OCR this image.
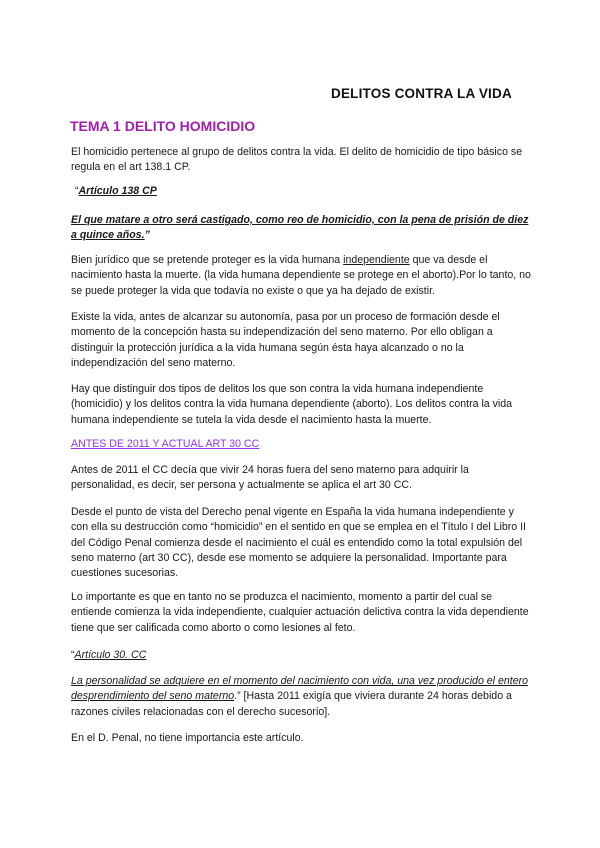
DELITOS CONTRA LA VIDA
TEMA 1 DELITO HOMICIDIO

El homicidio pertenece al grupo de delitos contra la vida. El delito de homicidio de tipo básico se regula en el art 138.1 CP.

“Artículo 138 CP

El que matare a otro será castigado, como reo de homicidio, con la pena de prisión de diez a quince años.”

Bien jurídico que se pretende proteger es la vida humana independiente que va desde el nacimiento hasta la muerte. (la vida humana dependiente se protege en el aborto).Por lo tanto, no se puede proteger la vida que todavía no existe o que ya ha dejado de existir.

Existe la vida, antes de alcanzar su autonomía, pasa por un proceso de formación desde el momento de la concepción hasta su independización del seno materno. Por ello obligan a distinguir la protección jurídica a la vida humana según ésta haya alcanzado o no la independización del seno materno.

Hay que distinguir dos tipos de delitos los que son contra la vida humana independiente (homicidio) y los delitos contra la vida humana dependiente (aborto). Los delitos contra la vida humana independiente se tutela la vida desde el nacimiento hasta la muerte.

ANTES DE 2011 Y ACTUAL ART 30 CC

Antes de 2011 el CC decía que vivir 24 horas fuera del seno materno para adquirir la personalidad, es decir, ser persona y actualmente se aplica el art 30 CC.

Desde el punto de vista del Derecho penal vigente en España la vida humana independiente y con ella su destrucción como “homicidio” en el sentido en que se emplea en el Título I del Libro II del Código Penal comienza desde el nacimiento el cuál es entendido como la total expulsión del seno materno (art 30 CC), desde ese momento se adquiere la personalidad. Importante para cuestiones sucesorias.

Lo importante es que en tanto no se produzca el nacimiento, momento a partir del cual se entiende comienza la vida independiente, cualquier actuación delictiva contra la vida dependiente tiene que ser calificada como aborto o como lesiones al feto.

“Artículo 30. CC

La personalidad se adquiere en el momento del nacimiento con vida, una vez producido el entero desprendimiento del seno materno.” [Hasta 2011 exigía que viviera durante 24 horas debido a razones civiles relacionadas con el derecho sucesorio].

En el D. Penal, no tiene importancia este artículo.
